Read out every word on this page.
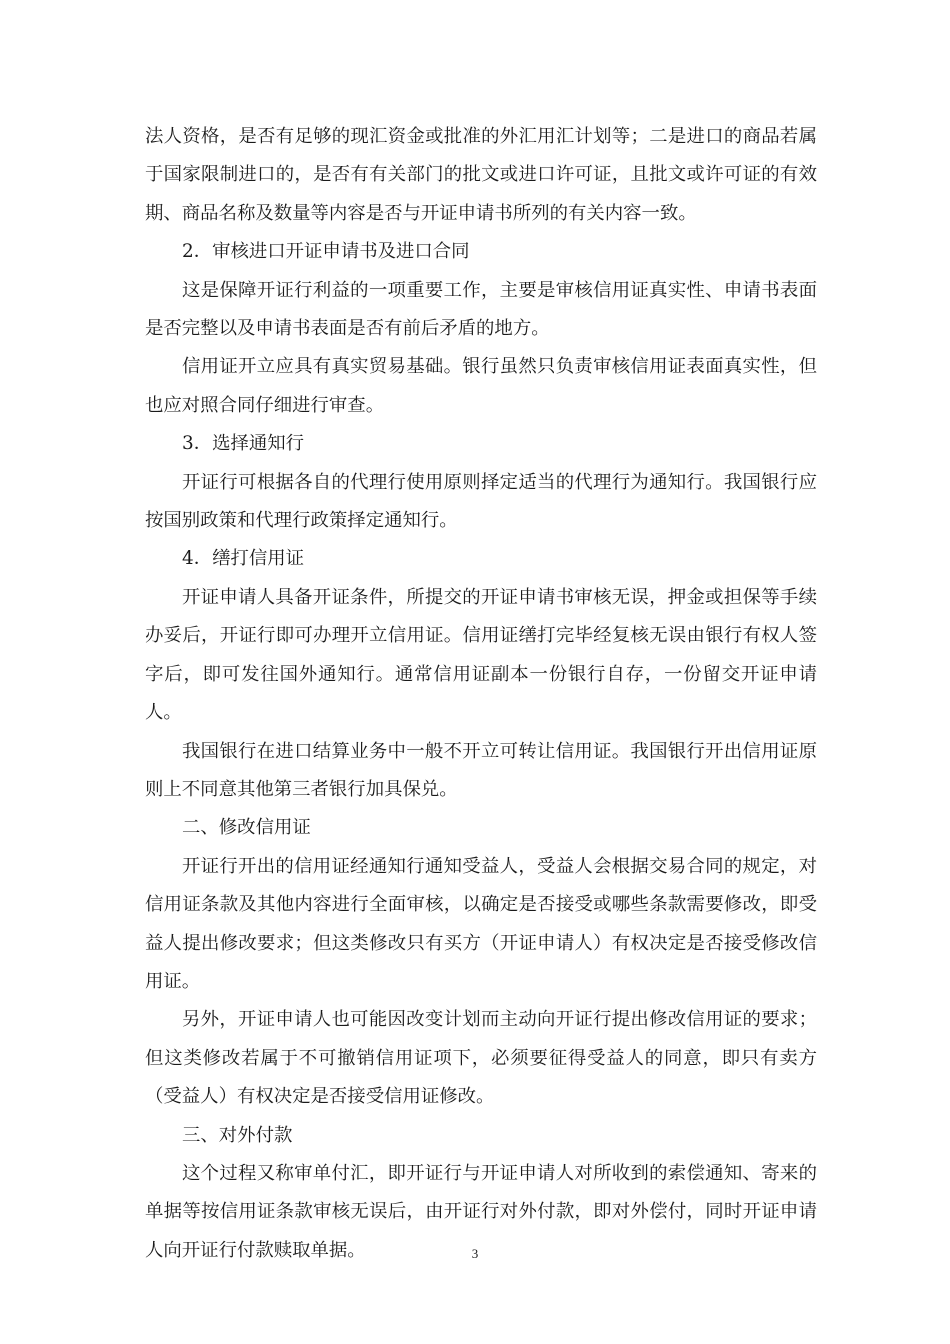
法人资格，是否有足够的现汇资金或批准的外汇用汇计划等；二是进口的商品若属于国家限制进口的，是否有有关部门的批文或进口许可证，且批文或许可证的有效期、商品名称及数量等内容是否与开证申请书所列的有关内容一致。

2．审核进口开证申请书及进口合同

这是保障开证行利益的一项重要工作，主要是审核信用证真实性、申请书表面是否完整以及申请书表面是否有前后矛盾的地方。

信用证开立应具有真实贸易基础。银行虽然只负责审核信用证表面真实性，但也应对照合同仔细进行审查。

3．选择通知行

开证行可根据各自的代理行使用原则择定适当的代理行为通知行。我国银行应按国别政策和代理行政策择定通知行。

4．缮打信用证

开证申请人具备开证条件，所提交的开证申请书审核无误，押金或担保等手续办妥后，开证行即可办理开立信用证。信用证缮打完毕经复核无误由银行有权人签字后，即可发往国外通知行。通常信用证副本一份银行自存，一份留交开证申请人。

我国银行在进口结算业务中一般不开立可转让信用证。我国银行开出信用证原则上不同意其他第三者银行加具保兑。

二、修改信用证

开证行开出的信用证经通知行通知受益人，受益人会根据交易合同的规定，对信用证条款及其他内容进行全面审核，以确定是否接受或哪些条款需要修改，即受益人提出修改要求；但这类修改只有买方（开证申请人）有权决定是否接受修改信用证。

另外，开证申请人也可能因改变计划而主动向开证行提出修改信用证的要求；但这类修改若属于不可撤销信用证项下，必须要征得受益人的同意，即只有卖方（受益人）有权决定是否接受信用证修改。

三、对外付款

这个过程又称审单付汇，即开证行与开证申请人对所收到的索偿通知、寄来的单据等按信用证条款审核无误后，由开证行对外付款，即对外偿付，同时开证申请人向开证行付款赎取单据。	3
